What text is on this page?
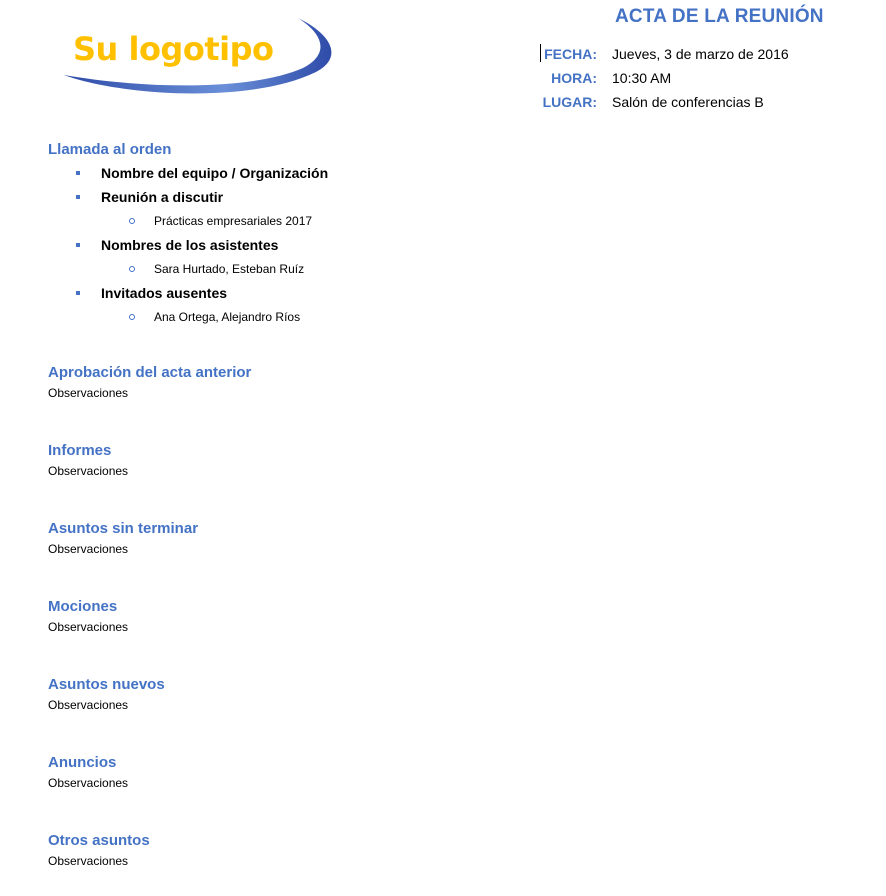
Su logotipo
ACTA DE LA REUNIÓN
FECHA: Jueves, 3 de marzo de 2016
HORA: 10:30 AM
LUGAR: Salón de conferencias B
Llamada al orden
Nombre del equipo / Organización
Reunión a discutir
Prácticas empresariales 2017
Nombres de los asistentes
Sara Hurtado, Esteban Ruíz
Invitados ausentes
Ana Ortega, Alejandro Ríos
Aprobación del acta anterior
Observaciones
Informes
Observaciones
Asuntos sin terminar
Observaciones
Mociones
Observaciones
Asuntos nuevos
Observaciones
Anuncios
Observaciones
Otros asuntos
Observaciones
